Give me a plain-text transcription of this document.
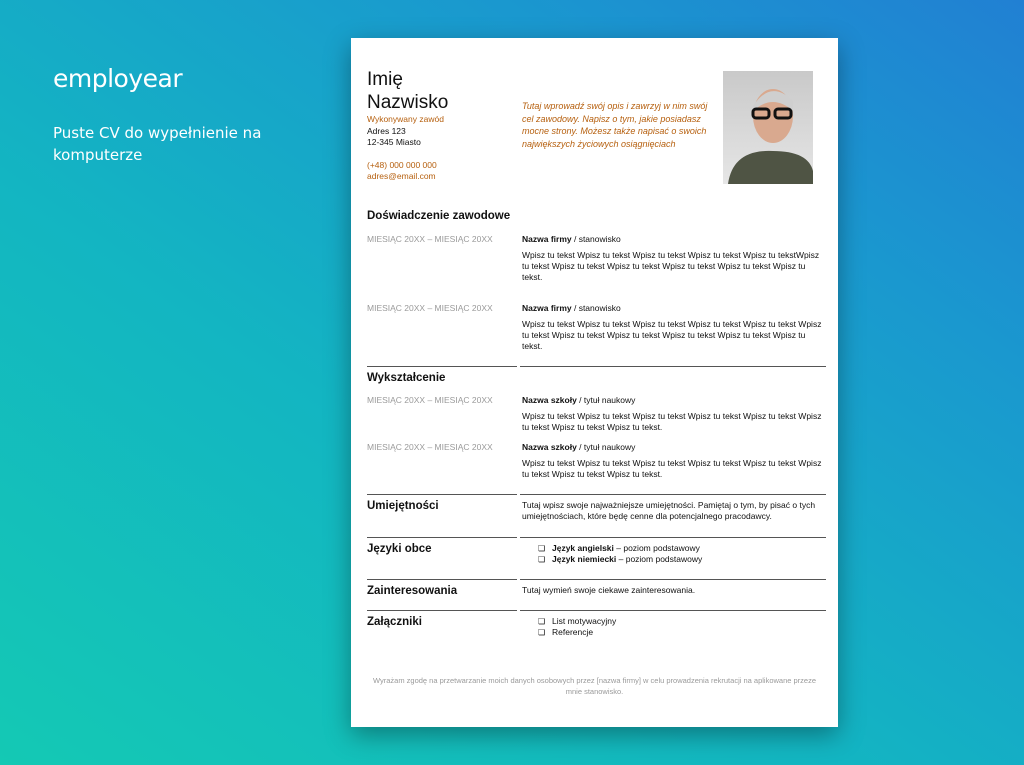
employear
Puste CV do wypełnienie na komputerze
Imię
Nazwisko
Wykonywany zawód
Adres 123
12-345 Miasto
(+48) 000 000 000
adres@email.com
Tutaj wprowadź swój opis i zawrzyj w nim swój cel zawodowy. Napisz o tym, jakie posiadasz mocne strony. Możesz także napisać o swoich największych życiowych osiągnięciach
Doświadczenie zawodowe
MIESIĄC 20XX – MIESIĄC 20XX	Nazwa firmy / stanowisko
Wpisz tu tekst Wpisz tu tekst Wpisz tu tekst Wpisz tu tekst Wpisz tu tekstWpisz tu tekst Wpisz tu tekst Wpisz tu tekst Wpisz tu tekst Wpisz tu tekst Wpisz tu tekst.
MIESIĄC 20XX – MIESIĄC 20XX	Nazwa firmy / stanowisko
Wpisz tu tekst Wpisz tu tekst Wpisz tu tekst Wpisz tu tekst Wpisz tu tekst Wpisz tu tekst Wpisz tu tekst Wpisz tu tekst Wpisz tu tekst Wpisz tu tekst Wpisz tu tekst.
Wykształcenie
MIESIĄC 20XX – MIESIĄC 20XX	Nazwa szkoły / tytuł naukowy
Wpisz tu tekst Wpisz tu tekst Wpisz tu tekst Wpisz tu tekst Wpisz tu tekst Wpisz tu tekst Wpisz tu tekst Wpisz tu tekst.
MIESIĄC 20XX – MIESIĄC 20XX	Nazwa szkoły / tytuł naukowy
Wpisz tu tekst Wpisz tu tekst Wpisz tu tekst Wpisz tu tekst Wpisz tu tekst Wpisz tu tekst Wpisz tu tekst Wpisz tu tekst.
Umiejętności	Tutaj wpisz swoje najważniejsze umiejętności. Pamiętaj o tym, by pisać o tych umiejętnościach, które będę cenne dla potencjalnego pracodawcy.
Języki obce	❏ Język angielski – poziom podstawowy
❏ Język niemiecki – poziom podstawowy
Zainteresowania	Tutaj wymień swoje ciekawe zainteresowania.
Załączniki	❏ List motywacyjny
❏ Referencje
Wyrażam zgodę na przetwarzanie moich danych osobowych przez [nazwa firmy] w celu prowadzenia rekrutacji na aplikowane przeze mnie stanowisko.
